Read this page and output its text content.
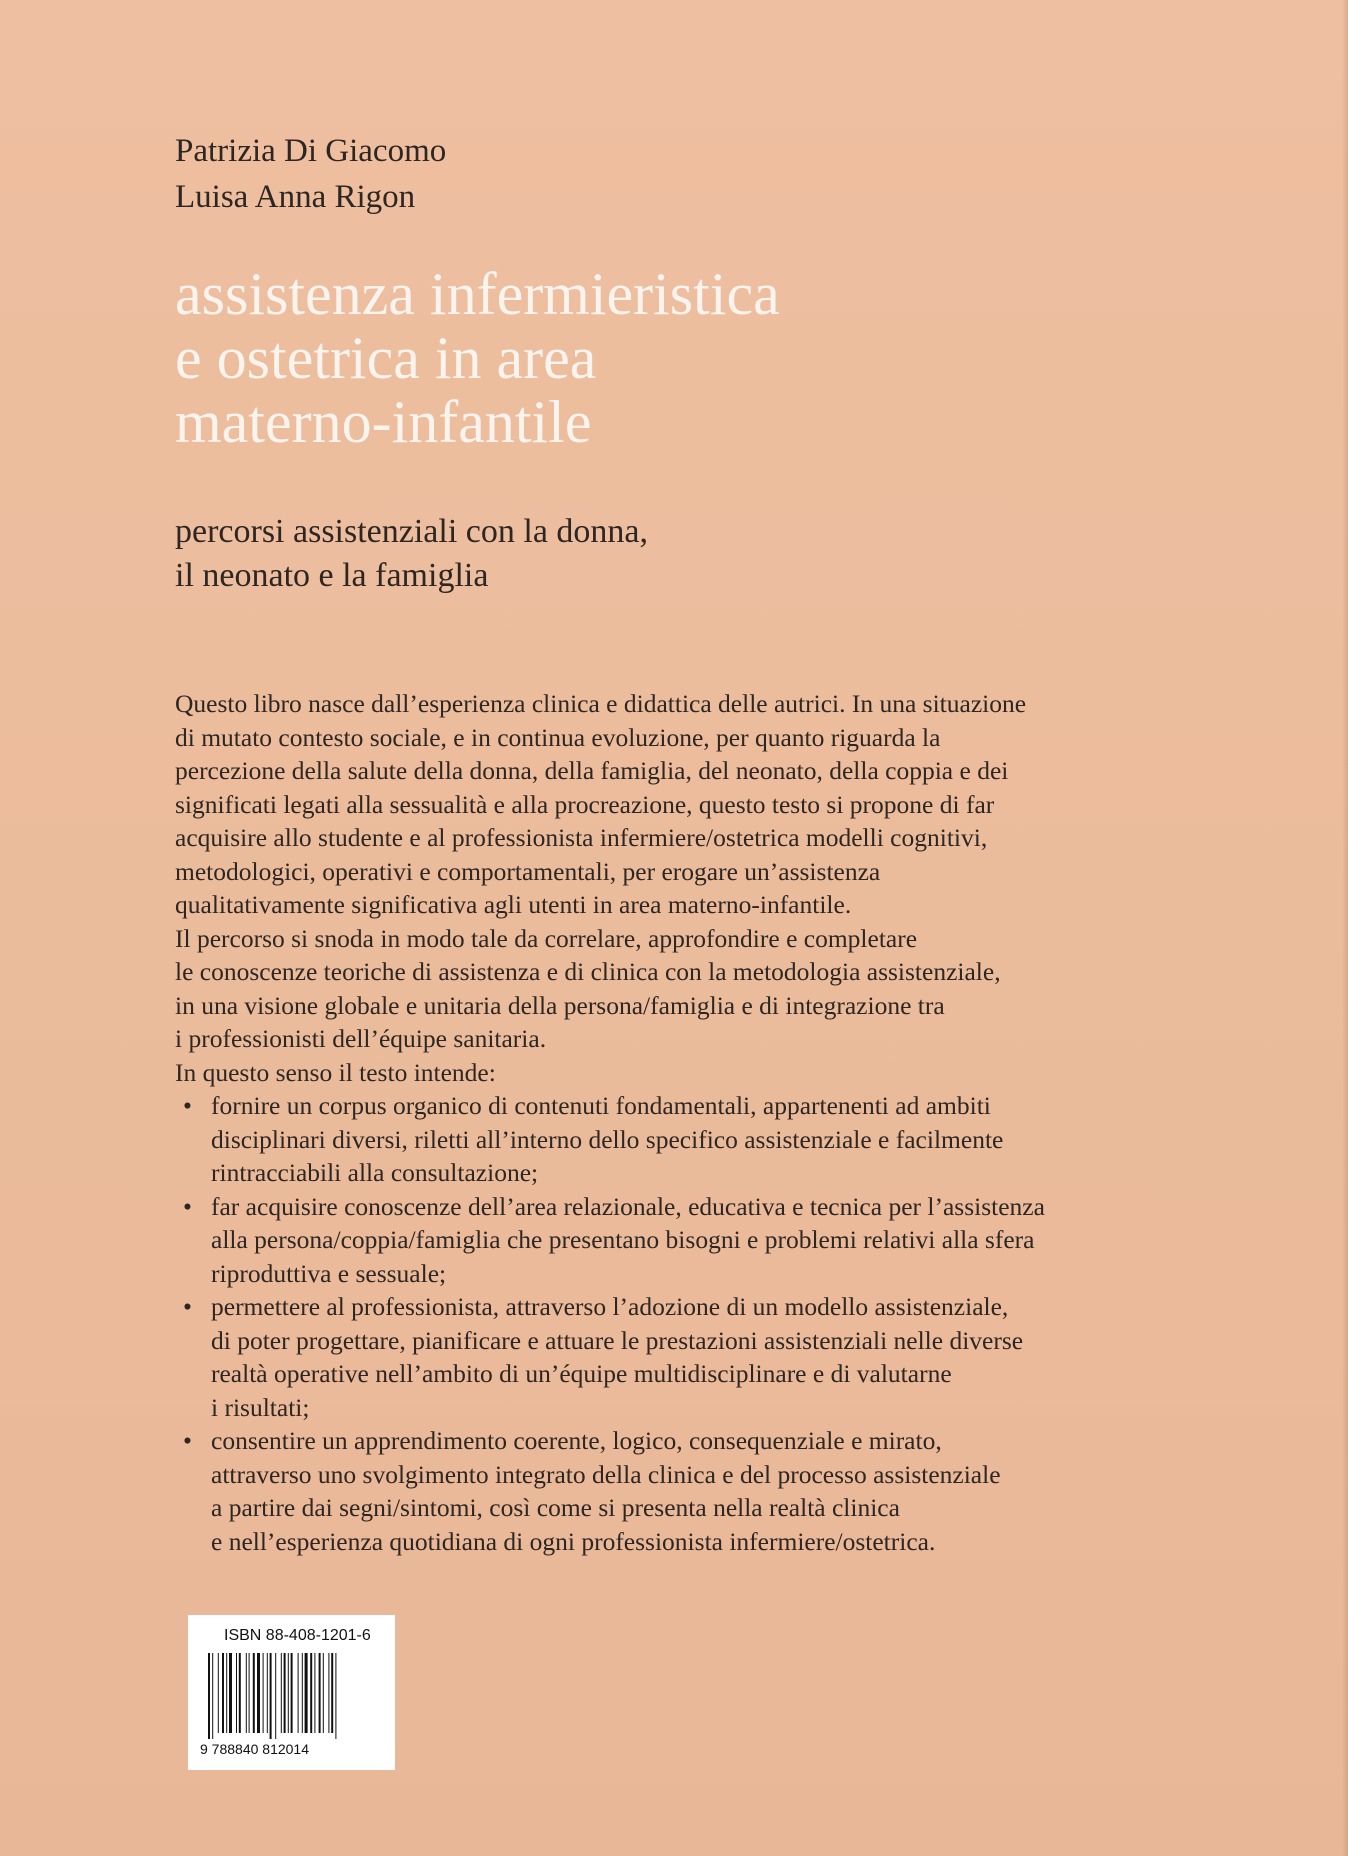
Patrizia Di Giacomo
Luisa Anna Rigon
assistenza infermieristica
e ostetrica in area
materno-infantile
percorsi assistenziali con la donna,
il neonato e la famiglia
Questo libro nasce dall’esperienza clinica e didattica delle autrici. In una situazione
di mutato contesto sociale, e in continua evoluzione, per quanto riguarda la
percezione della salute della donna, della famiglia, del neonato, della coppia e dei
significati legati alla sessualità e alla procreazione, questo testo si propone di far
acquisire allo studente e al professionista infermiere/ostetrica modelli cognitivi,
metodologici, operativi e comportamentali, per erogare un’assistenza
qualitativamente significativa agli utenti in area materno-infantile.
Il percorso si snoda in modo tale da correlare, approfondire e completare
le conoscenze teoriche di assistenza e di clinica con la metodologia assistenziale,
in una visione globale e unitaria della persona/famiglia e di integrazione tra
i professionisti dell’équipe sanitaria.
In questo senso il testo intende:
• fornire un corpus organico di contenuti fondamentali, appartenenti ad ambiti
disciplinari diversi, riletti all’interno dello specifico assistenziale e facilmente
rintracciabili alla consultazione;
• far acquisire conoscenze dell’area relazionale, educativa e tecnica per l’assistenza
alla persona/coppia/famiglia che presentano bisogni e problemi relativi alla sfera
riproduttiva e sessuale;
• permettere al professionista, attraverso l’adozione di un modello assistenziale,
di poter progettare, pianificare e attuare le prestazioni assistenziali nelle diverse
realtà operative nell’ambito di un’équipe multidisciplinare e di valutarne
i risultati;
• consentire un apprendimento coerente, logico, consequenziale e mirato,
attraverso uno svolgimento integrato della clinica e del processo assistenziale
a partire dai segni/sintomi, così come si presenta nella realtà clinica
e nell’esperienza quotidiana di ogni professionista infermiere/ostetrica.
ISBN 88-408-1201-6
9 788840 812014
